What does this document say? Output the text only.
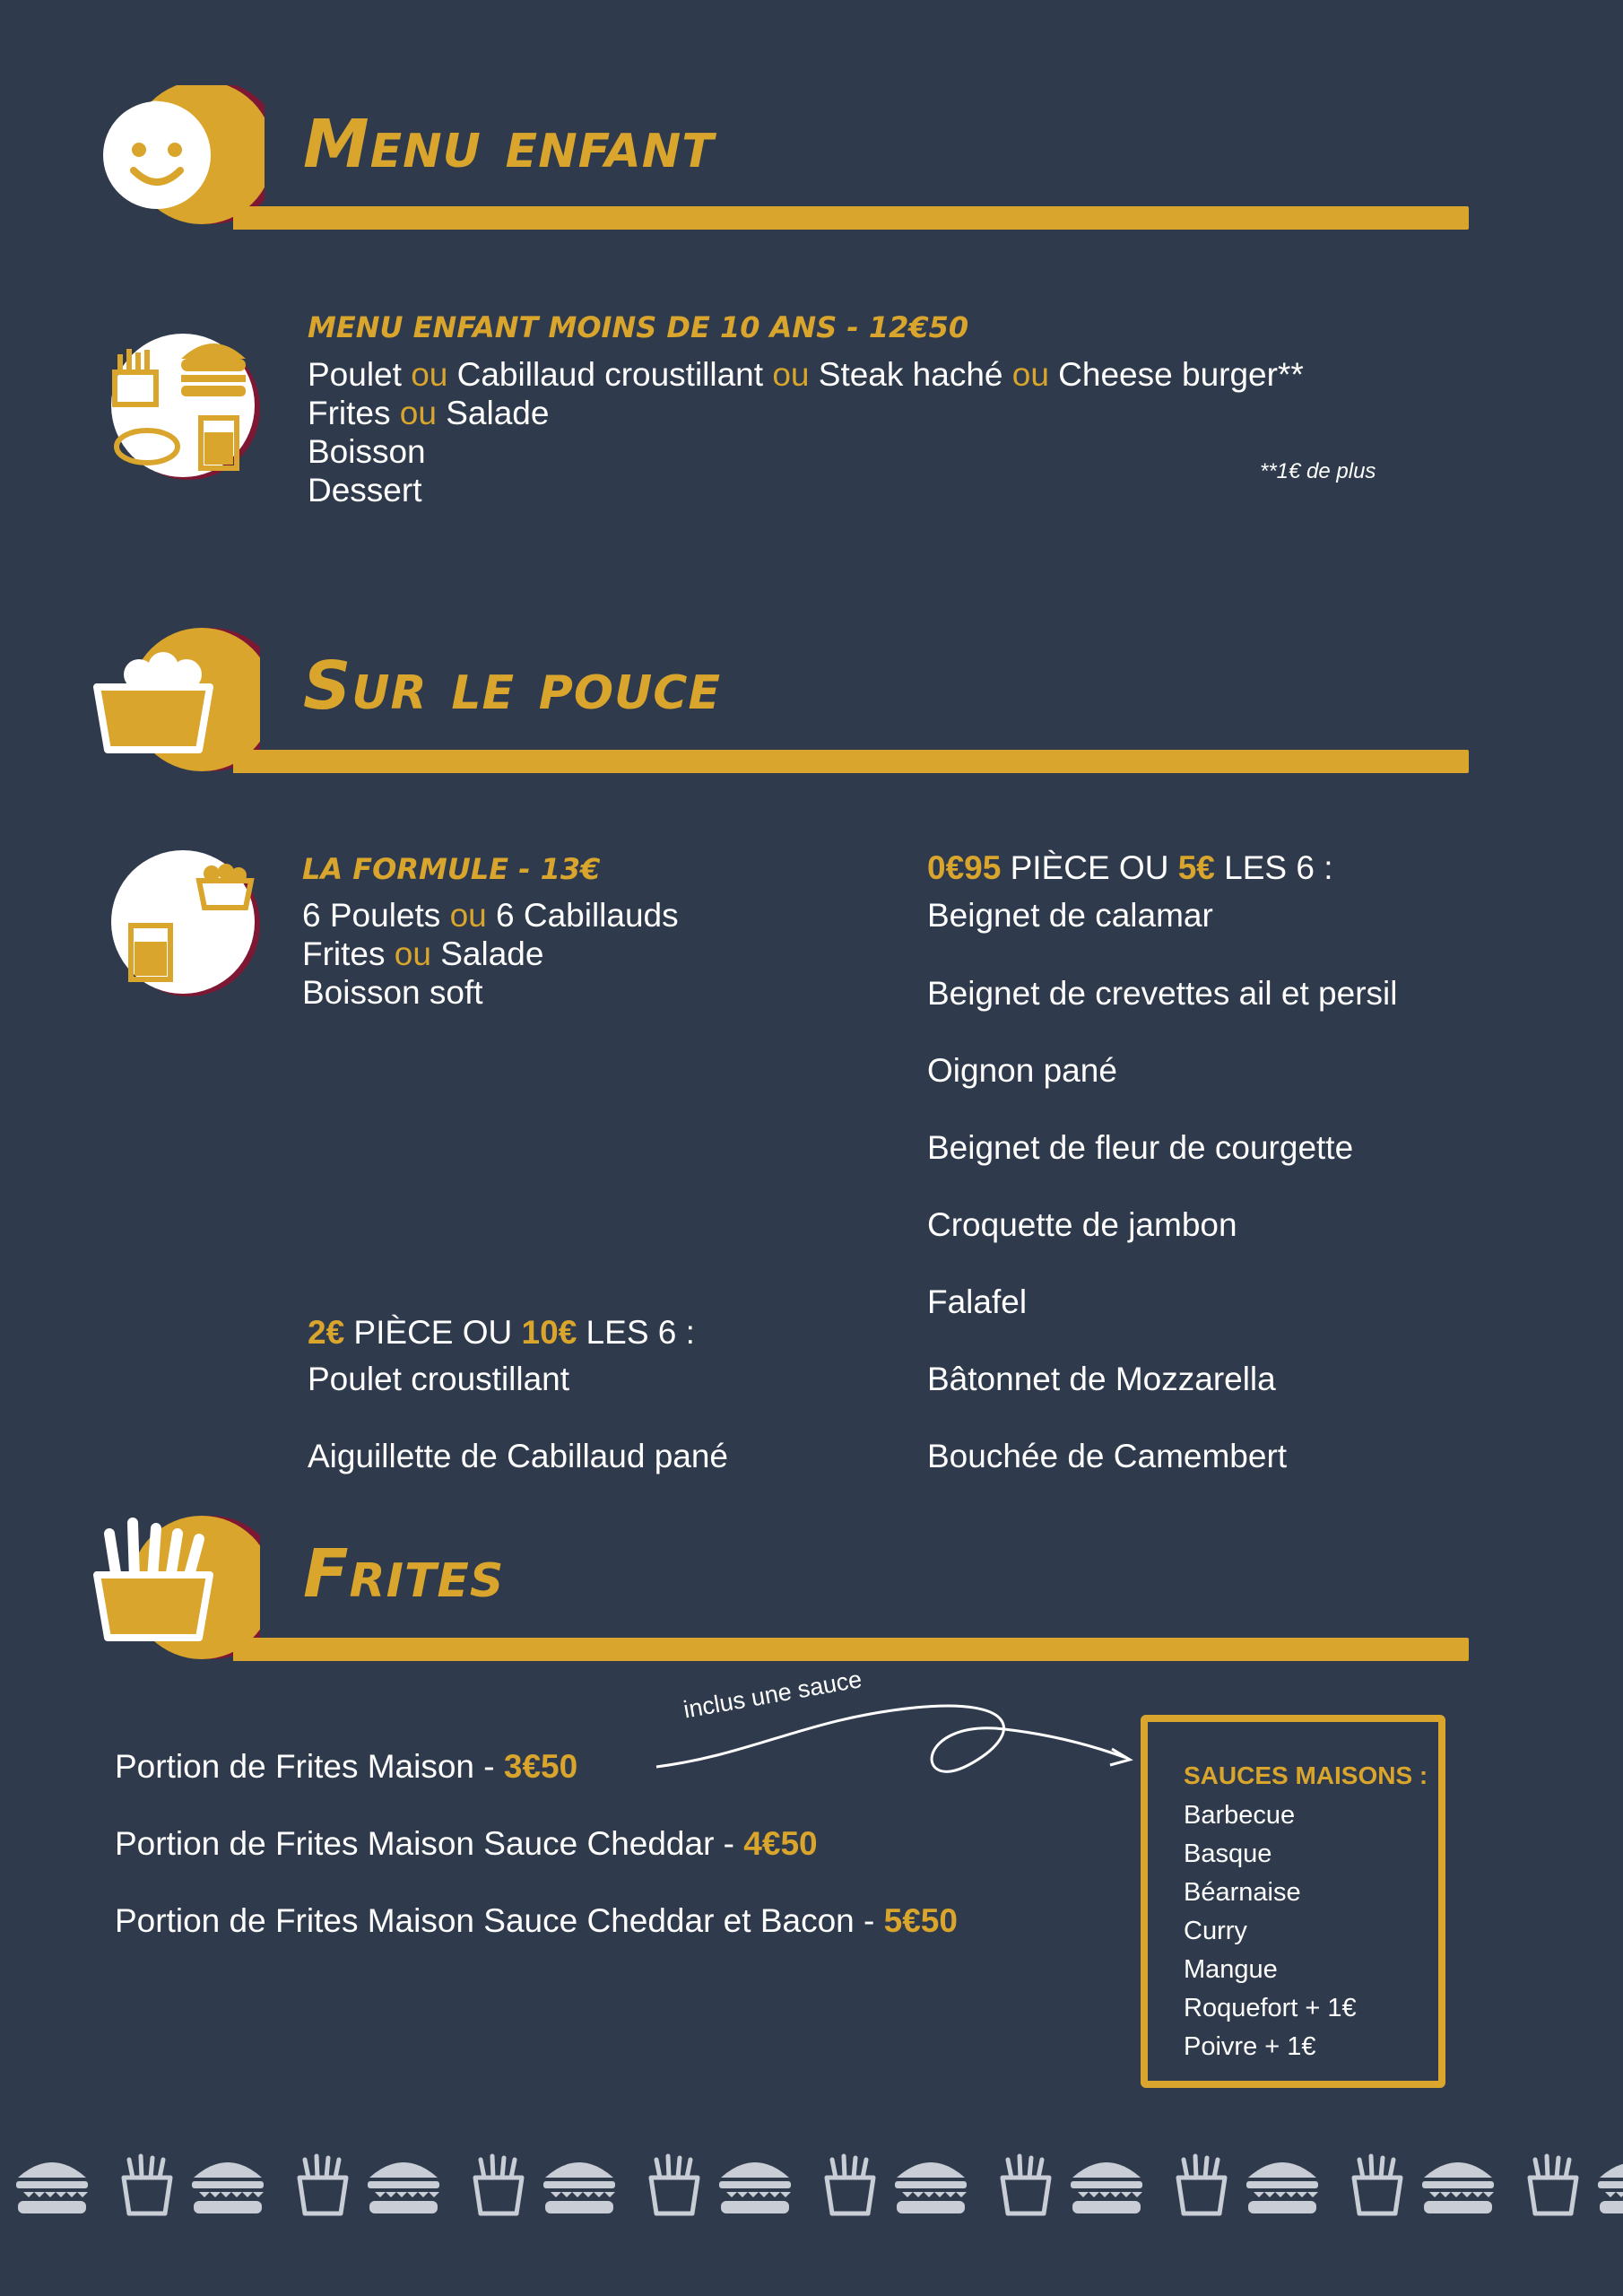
Menu enfant
MENU ENFANT MOINS DE 10 ANS - 12€50
Poulet ou Cabillaud croustillant ou Steak haché ou Cheese burger**
Frites ou Salade
Boisson
Dessert
**1€ de plus
Sur le pouce
LA FORMULE - 13€
6 Poulets ou 6 Cabillauds
Frites ou Salade
Boisson soft
0€95 PIÈCE OU 5€ LES 6 :
Beignet de calamar
Beignet de crevettes ail et persil
Oignon pané
Beignet de fleur de courgette
Croquette de jambon
Falafel
Bâtonnet de Mozzarella
Bouchée de Camembert
2€ PIÈCE OU 10€ LES 6 :
Poulet croustillant
Aiguillette de Cabillaud pané
Frites
Portion de Frites Maison - 3€50
Portion de Frites Maison Sauce Cheddar - 4€50
Portion de Frites Maison Sauce Cheddar et Bacon - 5€50
inclus une sauce
SAUCES MAISONS :
Barbecue
Basque
Béarnaise
Curry
Mangue
Roquefort + 1€
Poivre + 1€
